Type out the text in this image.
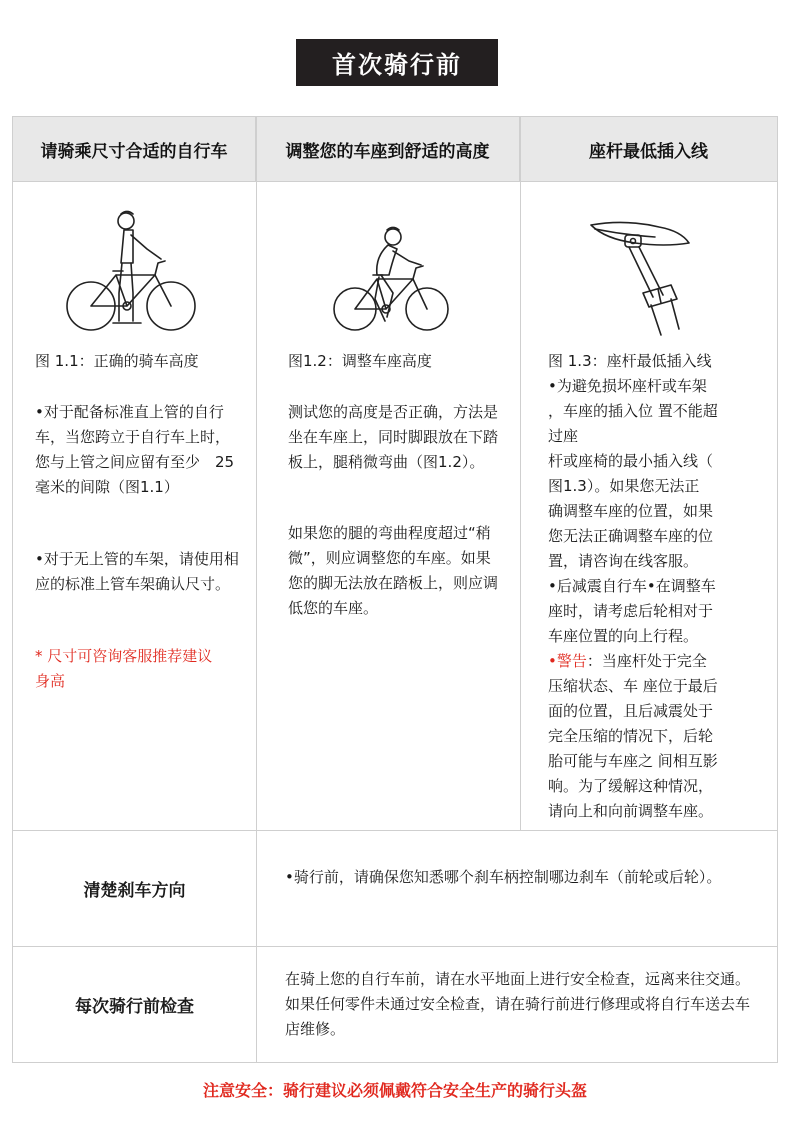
首次骑行前
请骑乘尺寸合适的自行车	调整您的车座到舒适的高度	座杆最低插入线
图 1.1：正确的骑车高度
•对于配备标准直上管的自行车，当您跨立于自行车上时，您与上管之间应留有至少　25毫米的间隙（图1.1）
•对于无上管的车架，请使用相应的标准上管车架确认尺寸。
* 尺寸可咨询客服推荐建议身高
图1.2：调整车座高度
测试您的高度是否正确，方法是坐在车座上，同时脚跟放在下踏板上，腿稍微弯曲（图1.2）。
如果您的腿的弯曲程度超过“稍微”，则应调整您的车座。如果您的脚无法放在踏板上，则应调低您的车座。
图 1.3：座杆最低插入线
•为避免损坏座杆或车架
，车座的插入位 置不能超
过座
杆或座椅的最小插入线（
图1.3）。如果您无法正
确调整车座的位置，如果
您无法正确调整车座的位
置，请咨询在线客服。
•后减震自行车•在调整车
座时，请考虑后轮相对于
车座位置的向上行程。
•警告：当座杆处于完全
压缩状态、车 座位于最后
面的位置，且后减震处于
完全压缩的情况下，后轮
胎可能与车座之 间相互影
响。为了缓解这种情况，
请向上和向前调整车座。
清楚刹车方向
•骑行前，请确保您知悉哪个刹车柄控制哪边刹车（前轮或后轮）。
每次骑行前检查
在骑上您的自行车前，请在水平地面上进行安全检查，远离来往交通。如果任何零件未通过安全检查，请在骑行前进行修理或将自行车送去车店维修。
注意安全：骑行建议必须佩戴符合安全生产的骑行头盔
